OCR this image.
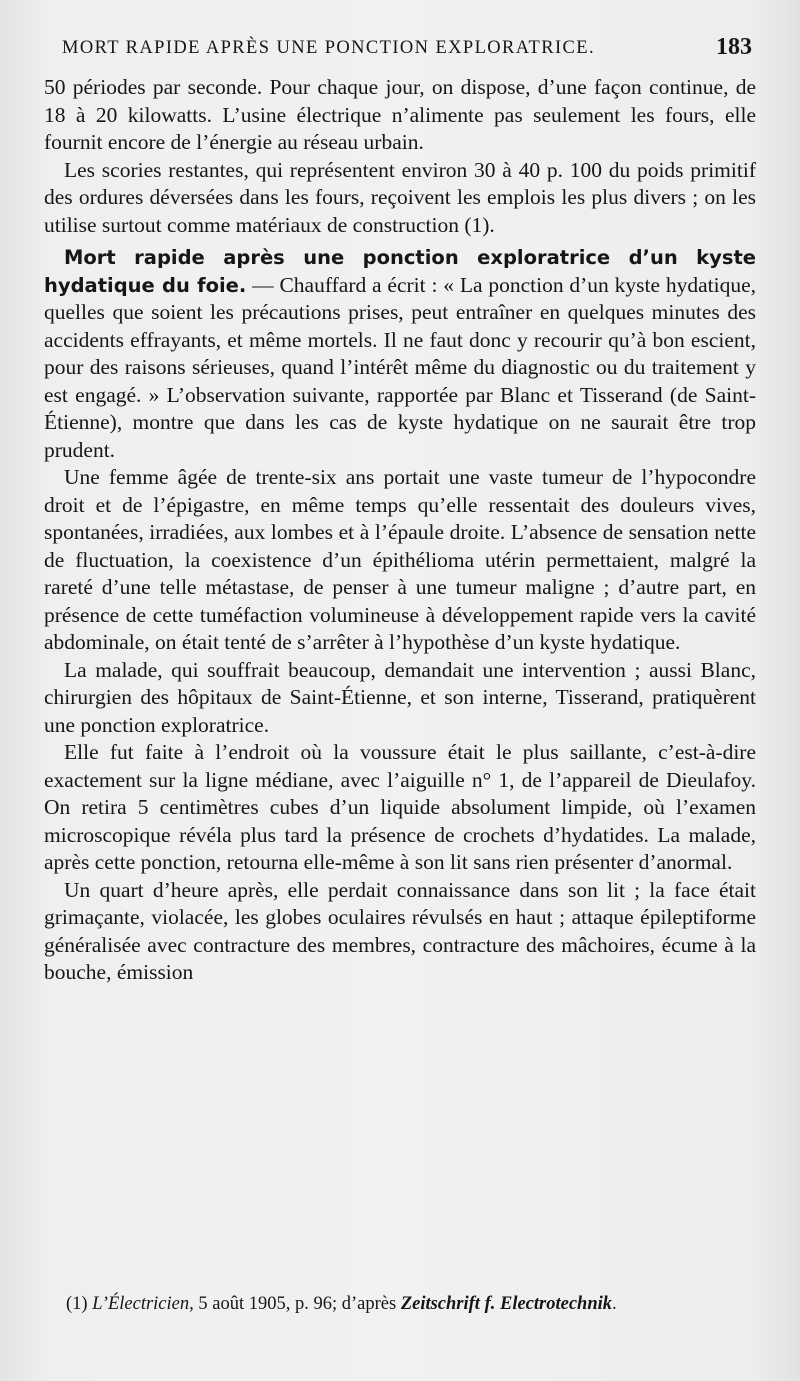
MORT RAPIDE APRÈS UNE PONCTION EXPLORATRICE.	183

50 périodes par seconde. Pour chaque jour, on dispose, d’une façon continue, de 18 à 20 kilowatts. L’usine électrique n’alimente pas seulement les fours, elle fournit encore de l’énergie au réseau urbain.

Les scories restantes, qui représentent environ 30 à 40 p. 100 du poids primitif des ordures déversées dans les fours, reçoivent les emplois les plus divers ; on les utilise surtout comme matériaux de construction (1).

Mort rapide après une ponction exploratrice d’un kyste hydatique du foie. — Chauffard a écrit : « La ponction d’un kyste hydatique, quelles que soient les précautions prises, peut entraîner en quelques minutes des accidents effrayants, et même mortels. Il ne faut donc y recourir qu’à bon escient, pour des raisons sérieuses, quand l’intérêt même du diagnostic ou du traitement y est engagé. » L’observation suivante, rapportée par Blanc et Tisserand (de Saint-Étienne), montre que dans les cas de kyste hydatique on ne saurait être trop prudent.

Une femme âgée de trente-six ans portait une vaste tumeur de l’hypocondre droit et de l’épigastre, en même temps qu’elle ressentait des douleurs vives, spontanées, irradiées, aux lombes et à l’épaule droite. L’absence de sensation nette de fluctuation, la coexistence d’un épithélioma utérin permettaient, malgré la rareté d’une telle métastase, de penser à une tumeur maligne ; d’autre part, en présence de cette tuméfaction volumineuse à développement rapide vers la cavité abdominale, on était tenté de s’arrêter à l’hypothèse d’un kyste hydatique.

La malade, qui souffrait beaucoup, demandait une intervention ; aussi Blanc, chirurgien des hôpitaux de Saint-Étienne, et son interne, Tisserand, pratiquèrent une ponction exploratrice.

Elle fut faite à l’endroit où la voussure était le plus saillante, c’est-à-dire exactement sur la ligne médiane, avec l’aiguille n° 1, de l’appareil de Dieulafoy. On retira 5 centimètres cubes d’un liquide absolument limpide, où l’examen microscopique révéla plus tard la présence de crochets d’hydatides. La malade, après cette ponction, retourna elle-même à son lit sans rien présenter d’anormal.

Un quart d’heure après, elle perdait connaissance dans son lit ; la face était grimaçante, violacée, les globes oculaires révulsés en haut ; attaque épileptiforme généralisée avec contracture des membres, contracture des mâchoires, écume à la bouche, émission

(1) L’Électricien, 5 août 1905, p. 96; d’après Zeitschrift f. Electrotechnik.
